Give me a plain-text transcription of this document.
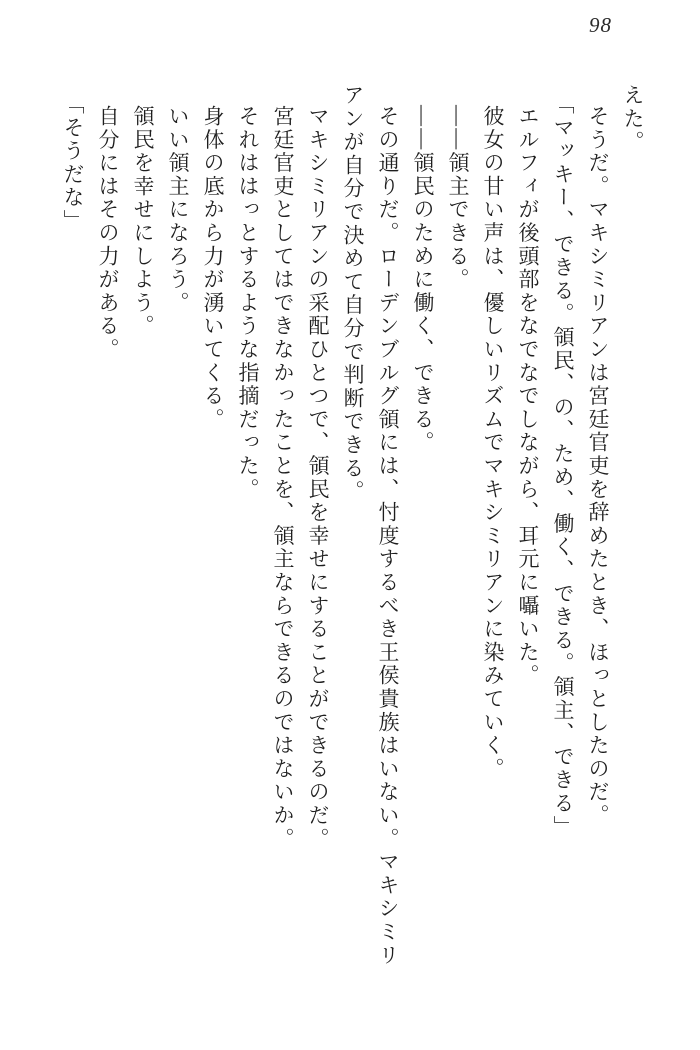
98

えた。

そうだ。マキシミリアンは宮廷官吏を辞めたとき、ほっとしたのだ。

「マッキー、できる。領民、の、ため、働く、できる。領主、できる」

エルフィが後頭部をなでなでしながら、耳元に囁いた。

彼女の甘い声は、優しいリズムでマキシミリアンに染みていく。

――領主できる。

――領民のために働く、できる。

その通りだ。ローデンブルグ領には、忖度するべき王侯貴族はいない。マキシミリアンが自分で決めて自分で判断できる。

マキシミリアンの采配ひとつで、領民を幸せにすることができるのだ。

宮廷官吏としてはできなかったことを、領主ならできるのではないか。

それははっとするような指摘だった。

身体の底から力が湧いてくる。

いい領主になろう。

領民を幸せにしよう。

自分にはその力がある。

「そうだな」
